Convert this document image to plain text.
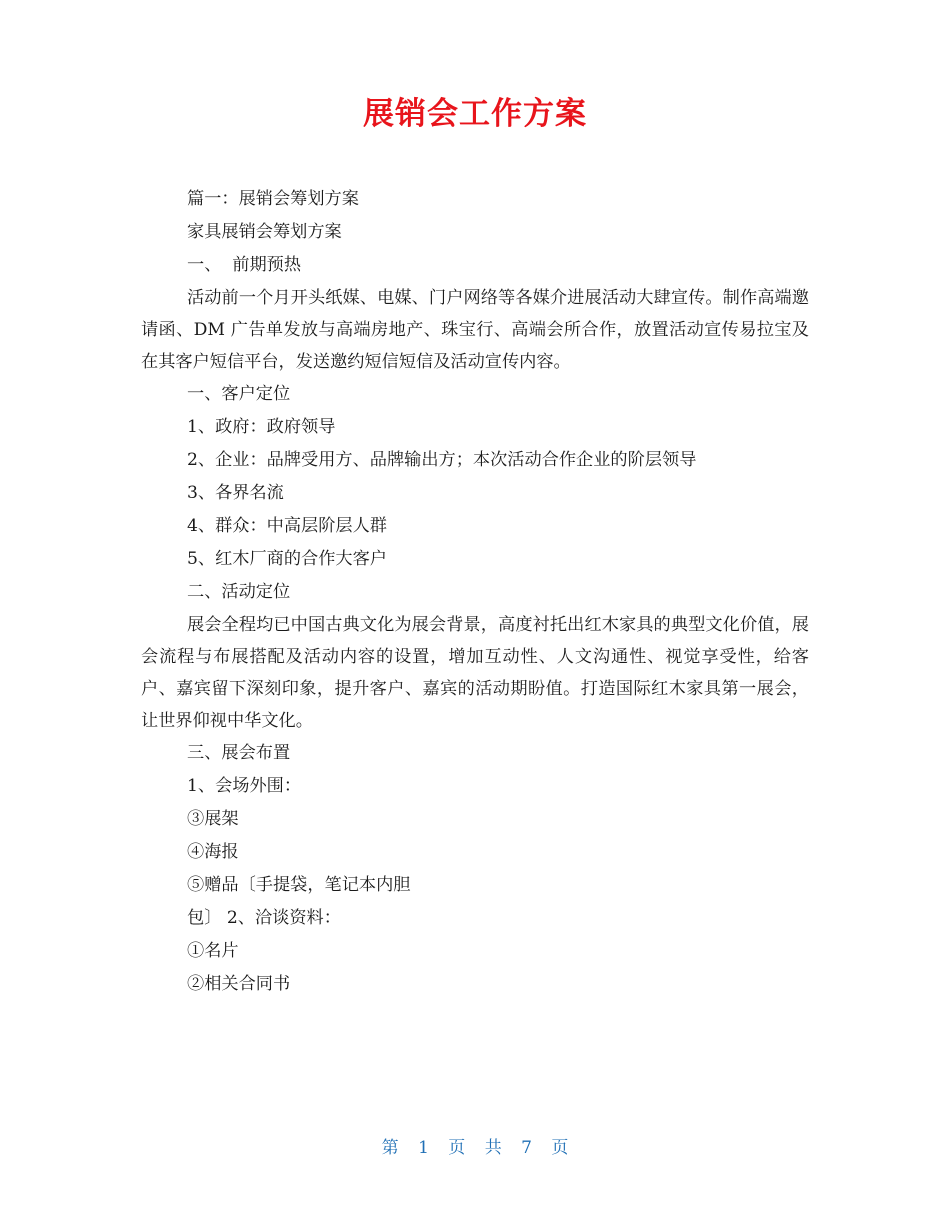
展销会工作方案

篇一：展销会筹划方案

家具展销会筹划方案

一、  前期预热

活动前一个月开头纸媒、电媒、门户网络等各媒介进展活动大肆宣传。制作高端邀请函、DM 广告单发放与高端房地产、珠宝行、高端会所合作，放置活动宣传易拉宝及在其客户短信平台，发送邀约短信短信及活动宣传内容。

一、客户定位

1、政府：政府领导

2、企业：品牌受用方、品牌输出方；本次活动合作企业的阶层领导

3、各界名流

4、群众：中高层阶层人群

5、红木厂商的合作大客户

二、活动定位

展会全程均已中国古典文化为展会背景，高度衬托出红木家具的典型文化价值，展会流程与布展搭配及活动内容的设置，增加互动性、人文沟通性、视觉享受性，给客户、嘉宾留下深刻印象，提升客户、嘉宾的活动期盼值。打造国际红木家具第一展会，让世界仰视中华文化。

三、展会布置

1、会场外围：

③展架

④海报

⑤赠品〔手提袋，笔记本内胆

包〕 2、洽谈资料：

①名片

②相关合同书

第 1 页 共 7 页
